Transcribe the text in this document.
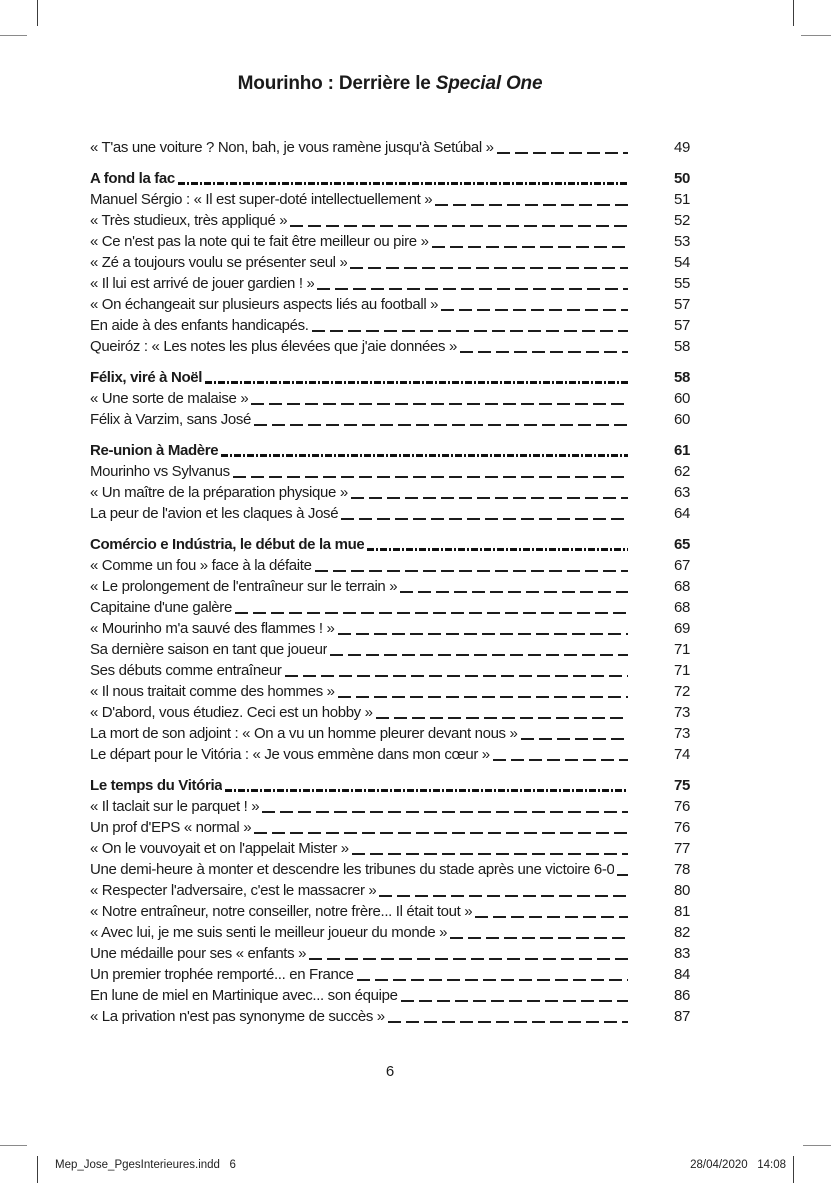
Mourinho : Derrière le Special One
« T'as une voiture ? Non, bah, je vous ramène jusqu'à Setúbal »	49
A fond la fac	50
Manuel Sérgio : « Il est super-doté intellectuellement »	51
« Très studieux, très appliqué »	52
« Ce n'est pas la note qui te fait être meilleur ou pire »	53
« Zé a toujours voulu se présenter seul »	54
« Il lui est arrivé de jouer gardien ! »	55
« On échangeait sur plusieurs aspects liés au football »	57
En aide à des enfants handicapés.	57
Queiróz : « Les notes les plus élevées que j'aie données »	58
Félix, viré à Noël	58
« Une sorte de malaise »	60
Félix à Varzim, sans José	60
Re-union à Madère	61
Mourinho vs Sylvanus	62
« Un maître de la préparation physique »	63
La peur de l'avion et les claques à José	64
Comércio e Indústria, le début de la mue	65
« Comme un fou » face à la défaite	67
« Le prolongement de l'entraîneur sur le terrain »	68
Capitaine d'une galère	68
« Mourinho m'a sauvé des flammes ! »	69
Sa dernière saison en tant que joueur	71
Ses débuts comme entraîneur	71
« Il nous traitait comme des hommes »	72
« D'abord, vous étudiez. Ceci est un hobby »	73
La mort de son adjoint : « On a vu un homme pleurer devant nous »	73
Le départ pour le Vitória : « Je vous emmène dans mon cœur »	74
Le temps du Vitória	75
« Il taclait sur le parquet ! »	76
Un prof d'EPS « normal »	76
« On le vouvoyait et on l'appelait Mister »	77
Une demi-heure à monter et descendre les tribunes du stade après une victoire 6-0	78
« Respecter l'adversaire, c'est le massacrer »	80
« Notre entraîneur, notre conseiller, notre frère... Il était tout »	81
« Avec lui, je me suis senti le meilleur joueur du monde »	82
Une médaille pour ses « enfants »	83
Un premier trophée remporté... en France	84
En lune de miel en Martinique avec... son équipe	86
« La privation n'est pas synonyme de succès »	87
6
Mep_Jose_PgesInterieures.indd   6	28/04/2020   14:08
